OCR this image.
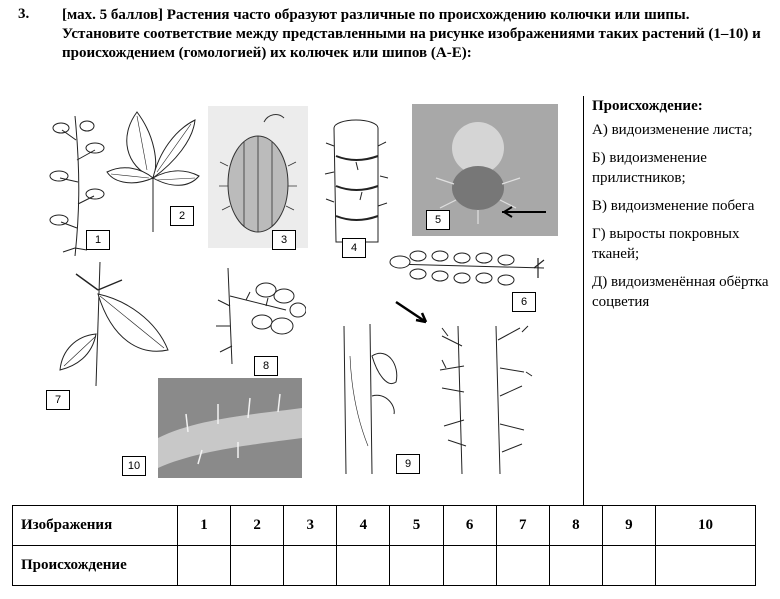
3. [мах. 5 баллов] Растения часто образуют различные по происхождению колючки или шипы. Установите соответствие между представленными на рисунке изображениями таких растений (1–10) и происхождением (гомологией) их колючек или шипов (А-Е):
1
2
3
4
5
6
7
8
9
10
Происхождение:
А) видоизменение листа;
Б) видоизменение прилистников;
В) видоизменение побега
Г) выросты покровных тканей;
Д) видоизменённая обёртка соцветия
Изображения	1	2	3	4	5	6	7	8	9	10
Происхождение										
